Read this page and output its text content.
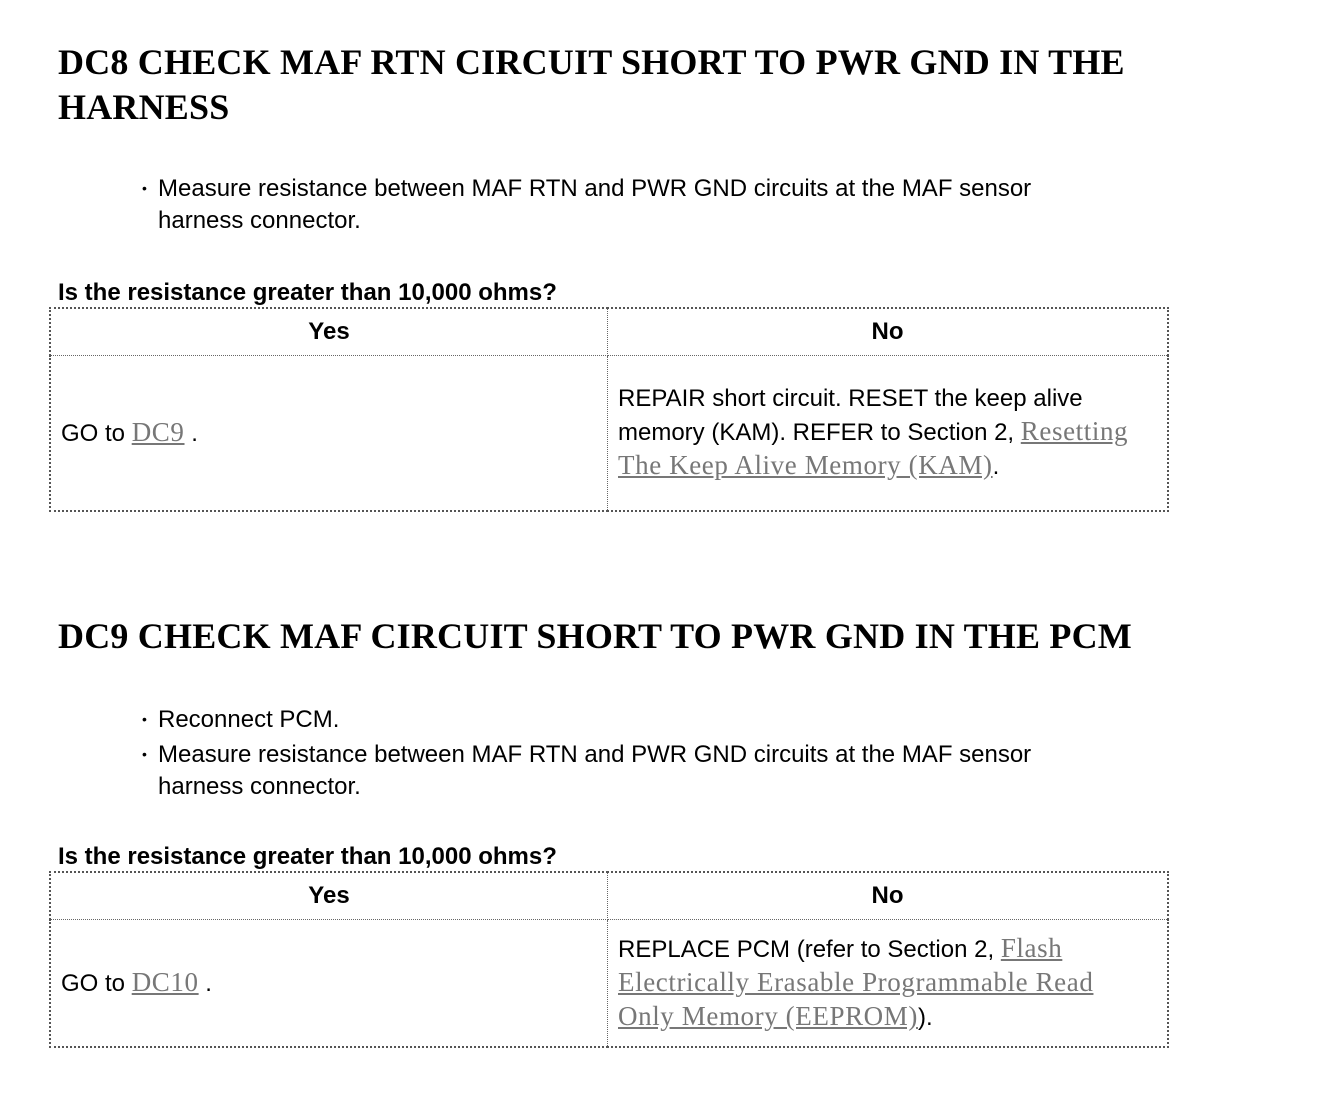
DC8 CHECK MAF RTN CIRCUIT SHORT TO PWR GND IN THE
HARNESS
• Measure resistance between MAF RTN and PWR GND circuits at the MAF sensor
harness connector.

Is the resistance greater than 10,000 ohms?

Yes	No
GO to DC9 .	REPAIR short circuit. RESET the keep alive memory (KAM). REFER to Section 2, Resetting The Keep Alive Memory (KAM).
DC9 CHECK MAF CIRCUIT SHORT TO PWR GND IN THE PCM
• Reconnect PCM.
• Measure resistance between MAF RTN and PWR GND circuits at the MAF sensor
harness connector.

Is the resistance greater than 10,000 ohms?

Yes	No
GO to DC10 .	REPLACE PCM (refer to Section 2, Flash Electrically Erasable Programmable Read Only Memory (EEPROM)).
